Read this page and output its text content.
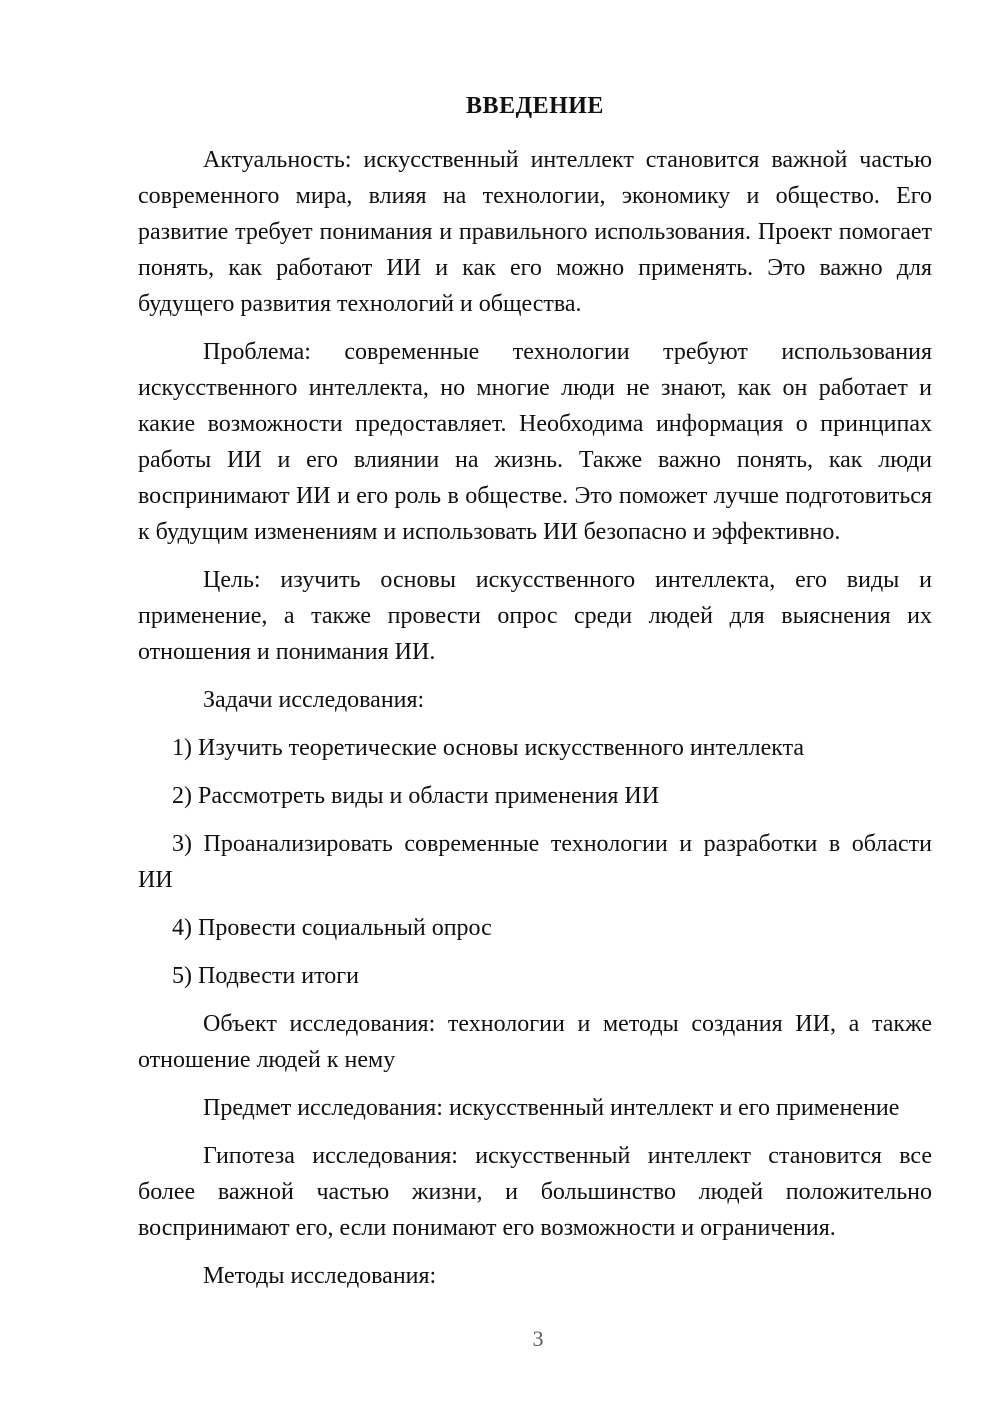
ВВЕДЕНИЕ

Актуальность: искусственный интеллект становится важной частью современного мира, влияя на технологии, экономику и общество. Его развитие требует понимания и правильного использования. Проект помогает понять, как работают ИИ и как его можно применять. Это важно для будущего развития технологий и общества.

Проблема: современные технологии требуют использования искусственного интеллекта, но многие люди не знают, как он работает и какие возможности предоставляет. Необходима информация о принципах работы ИИ и его влиянии на жизнь. Также важно понять, как люди воспринимают ИИ и его роль в обществе. Это поможет лучше подготовиться к будущим изменениям и использовать ИИ безопасно и эффективно.

Цель: изучить основы искусственного интеллекта, его виды и применение, а также провести опрос среди людей для выяснения их отношения и понимания ИИ.

Задачи исследования:

1) Изучить теоретические основы искусственного интеллекта

2) Рассмотреть виды и области применения ИИ

3) Проанализировать современные технологии и разработки в области ИИ

4) Провести социальный опрос

5) Подвести итоги

Объект исследования: технологии и методы создания ИИ, а также отношение людей к нему

Предмет исследования: искусственный интеллект и его применение

Гипотеза исследования: искусственный интеллект становится все более важной частью жизни, и большинство людей положительно воспринимают его, если понимают его возможности и ограничения.

Методы исследования:

3
